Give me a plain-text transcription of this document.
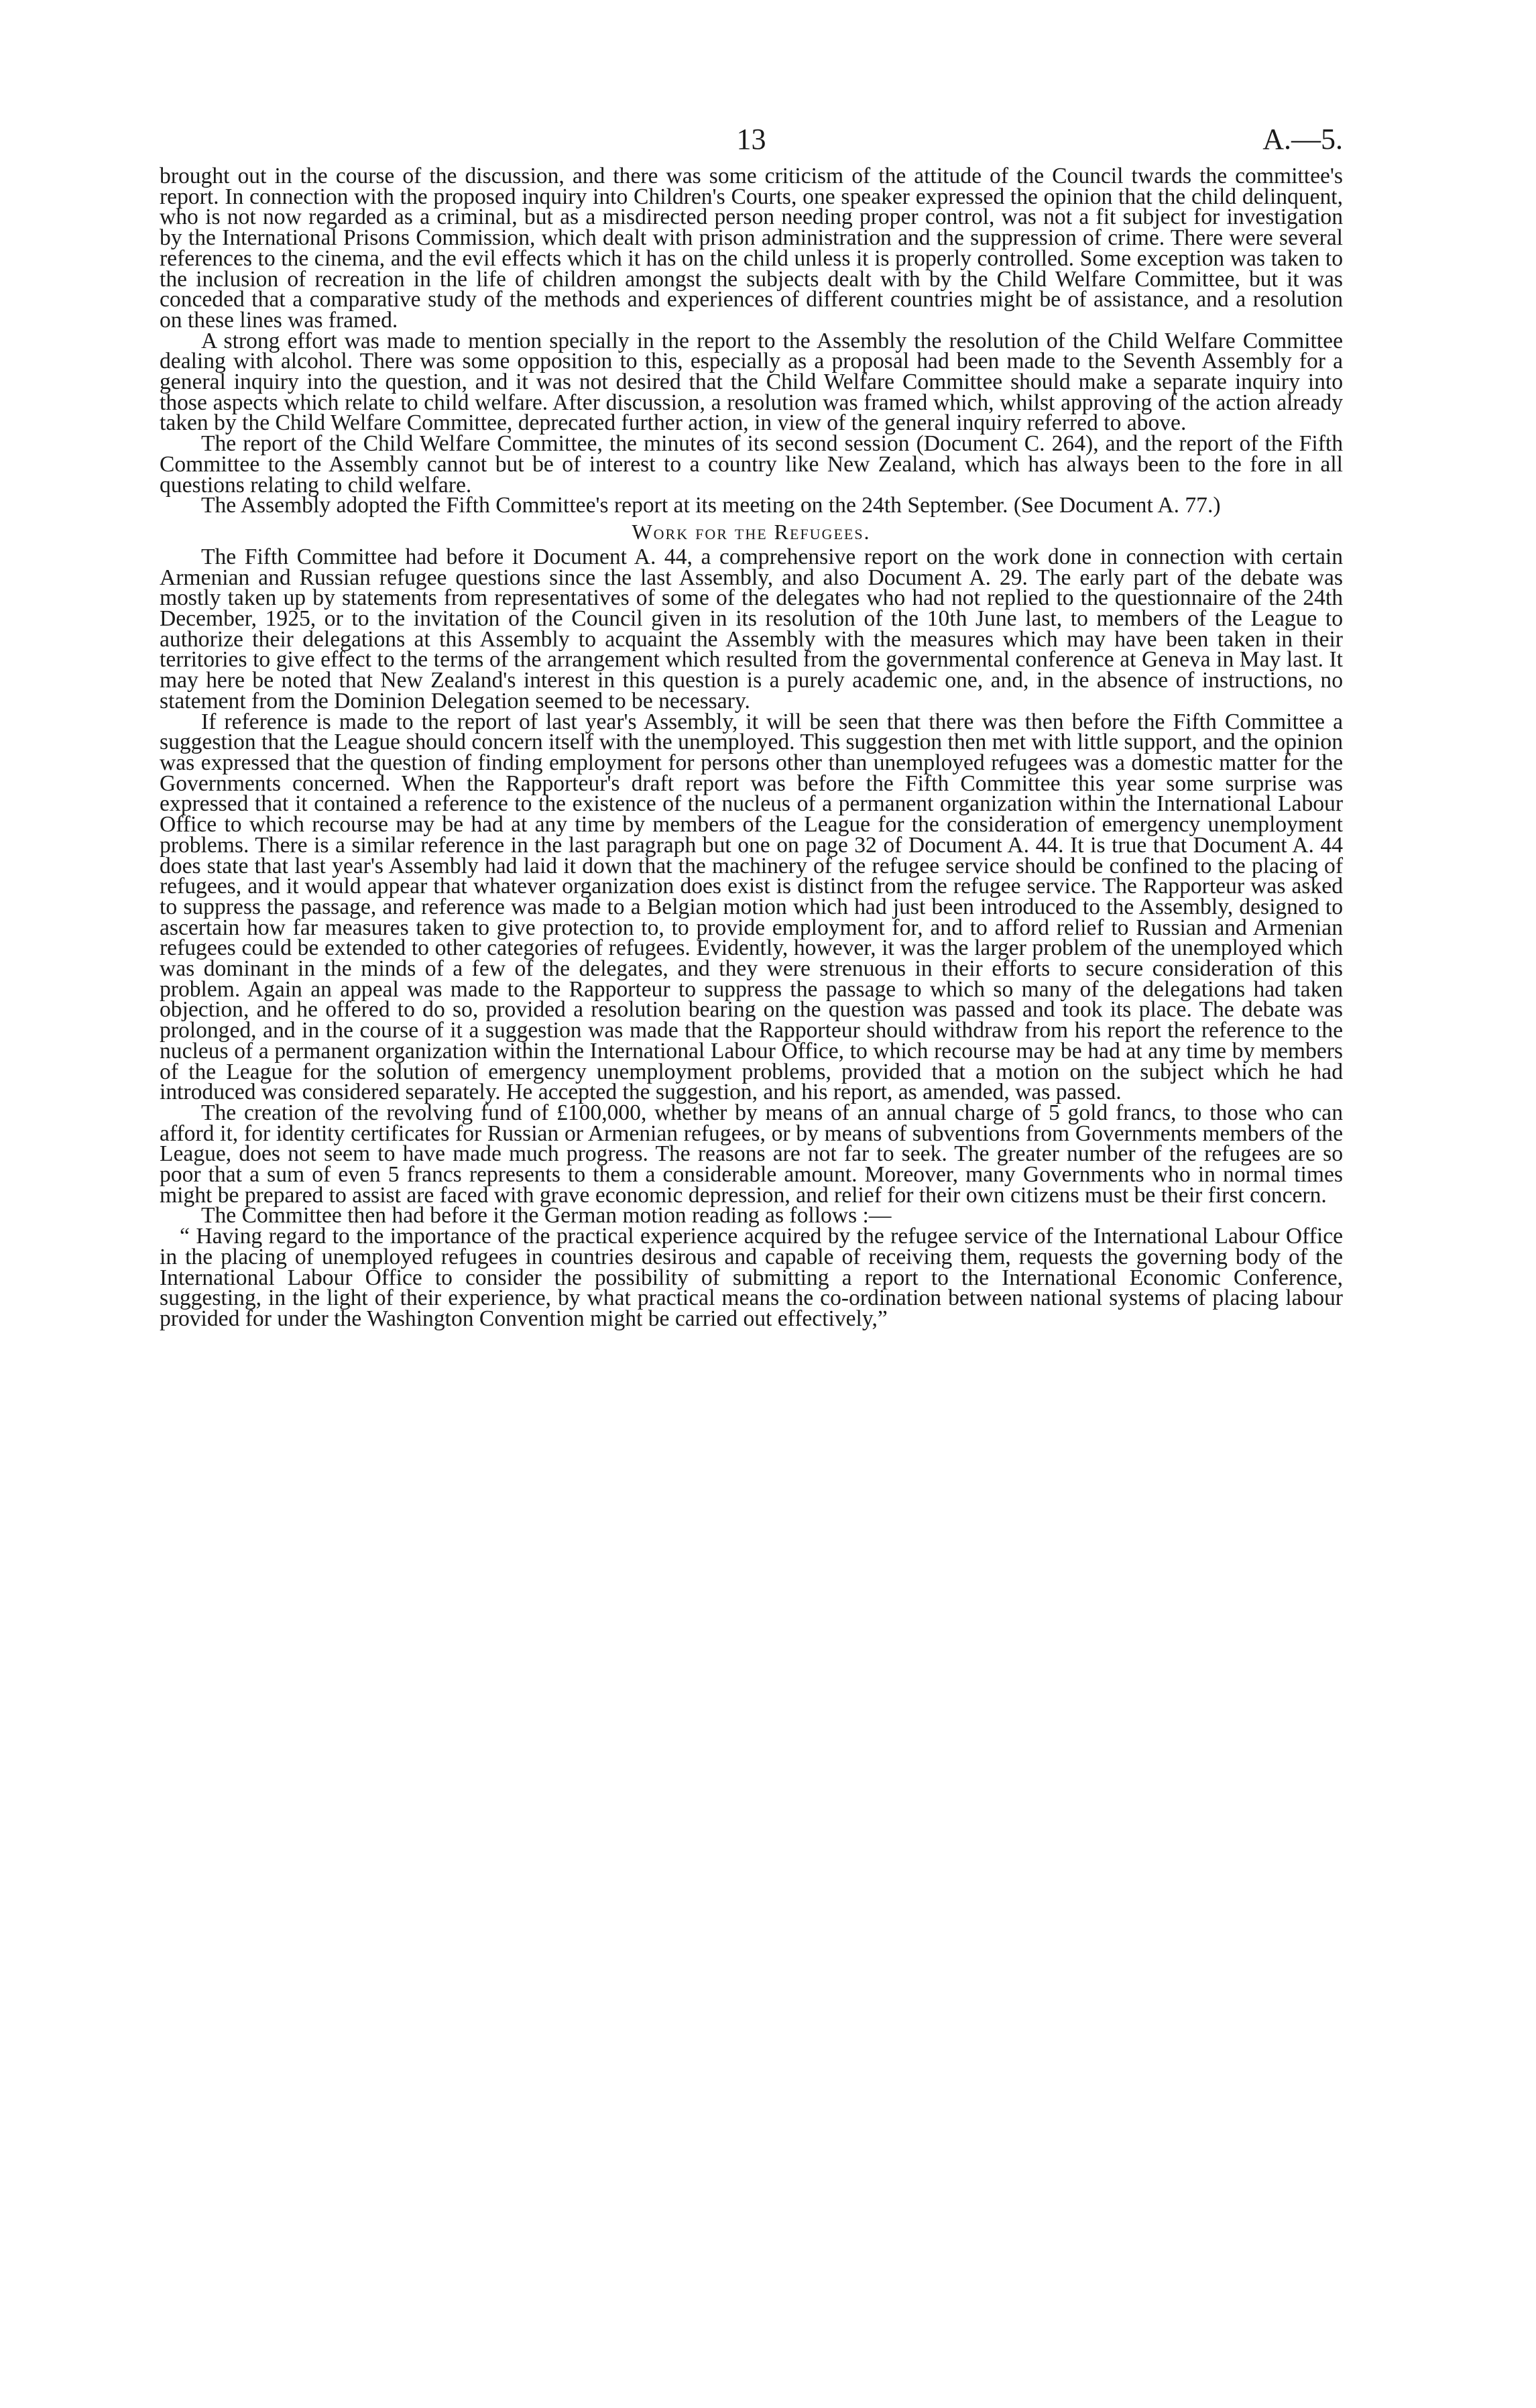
13	A.—5.

brought out in the course of the discussion, and there was some criticism of the attitude of the Council twards the committee's report. In connection with the proposed inquiry into Children's Courts, one speaker expressed the opinion that the child delinquent, who is not now regarded as a criminal, but as a misdirected person needing proper control, was not a fit subject for investigation by the International Prisons Commission, which dealt with prison administration and the suppression of crime. There were several references to the cinema, and the evil effects which it has on the child unless it is properly controlled. Some exception was taken to the inclusion of recreation in the life of children amongst the subjects dealt with by the Child Welfare Committee, but it was conceded that a comparative study of the methods and experiences of different countries might be of assistance, and a resolution on these lines was framed.

A strong effort was made to mention specially in the report to the Assembly the resolution of the Child Welfare Committee dealing with alcohol. There was some opposition to this, especially as a proposal had been made to the Seventh Assembly for a general inquiry into the question, and it was not desired that the Child Welfare Committee should make a separate inquiry into those aspects which relate to child welfare. After discussion, a resolution was framed which, whilst approving of the action already taken by the Child Welfare Committee, deprecated further action, in view of the general inquiry referred to above.

The report of the Child Welfare Committee, the minutes of its second session (Document C. 264), and the report of the Fifth Committee to the Assembly cannot but be of interest to a country like New Zealand, which has always been to the fore in all questions relating to child welfare.

The Assembly adopted the Fifth Committee's report at its meeting on the 24th September. (See Document A. 77.)

Work for the Refugees.

The Fifth Committee had before it Document A. 44, a comprehensive report on the work done in connection with certain Armenian and Russian refugee questions since the last Assembly, and also Document A. 29. The early part of the debate was mostly taken up by statements from representatives of some of the delegates who had not replied to the questionnaire of the 24th December, 1925, or to the invitation of the Council given in its resolution of the 10th June last, to members of the League to authorize their delegations at this Assembly to acquaint the Assembly with the measures which may have been taken in their territories to give effect to the terms of the arrangement which resulted from the governmental conference at Geneva in May last. It may here be noted that New Zealand's interest in this question is a purely academic one, and, in the absence of instructions, no statement from the Dominion Delegation seemed to be necessary.

If reference is made to the report of last year's Assembly, it will be seen that there was then before the Fifth Committee a suggestion that the League should concern itself with the unemployed. This suggestion then met with little support, and the opinion was expressed that the question of finding employment for persons other than unemployed refugees was a domestic matter for the Governments concerned. When the Rapporteur's draft report was before the Fifth Committee this year some surprise was expressed that it contained a reference to the existence of the nucleus of a permanent organization within the International Labour Office to which recourse may be had at any time by members of the League for the consideration of emergency unemployment problems. There is a similar reference in the last paragraph but one on page 32 of Document A. 44. It is true that Document A. 44 does state that last year's Assembly had laid it down that the machinery of the refugee service should be confined to the placing of refugees, and it would appear that whatever organization does exist is distinct from the refugee service. The Rapporteur was asked to suppress the passage, and reference was made to a Belgian motion which had just been introduced to the Assembly, designed to ascertain how far measures taken to give protection to, to provide employment for, and to afford relief to Russian and Armenian refugees could be extended to other categories of refugees. Evidently, however, it was the larger problem of the unemployed which was dominant in the minds of a few of the delegates, and they were strenuous in their efforts to secure consideration of this problem. Again an appeal was made to the Rapporteur to suppress the passage to which so many of the delegations had taken objection, and he offered to do so, provided a resolution bearing on the question was passed and took its place. The debate was prolonged, and in the course of it a suggestion was made that the Rapporteur should withdraw from his report the reference to the nucleus of a permanent organization within the International Labour Office, to which recourse may be had at any time by members of the League for the solution of emergency unemployment problems, provided that a motion on the subject which he had introduced was considered separately. He accepted the suggestion, and his report, as amended, was passed.

The creation of the revolving fund of £100,000, whether by means of an annual charge of 5 gold francs, to those who can afford it, for identity certificates for Russian or Armenian refugees, or by means of subventions from Governments members of the League, does not seem to have made much progress. The reasons are not far to seek. The greater number of the refugees are so poor that a sum of even 5 francs represents to them a considerable amount. Moreover, many Governments who in normal times might be prepared to assist are faced with grave economic depression, and relief for their own citizens must be their first concern.

The Committee then had before it the German motion reading as follows :—

“ Having regard to the importance of the practical experience acquired by the refugee service of the International Labour Office in the placing of unemployed refugees in countries desirous and capable of receiving them, requests the governing body of the International Labour Office to consider the possibility of submitting a report to the International Economic Conference, suggesting, in the light of their experience, by what practical means the co-ordination between national systems of placing labour provided for under the Washington Convention might be carried out effectively,”
